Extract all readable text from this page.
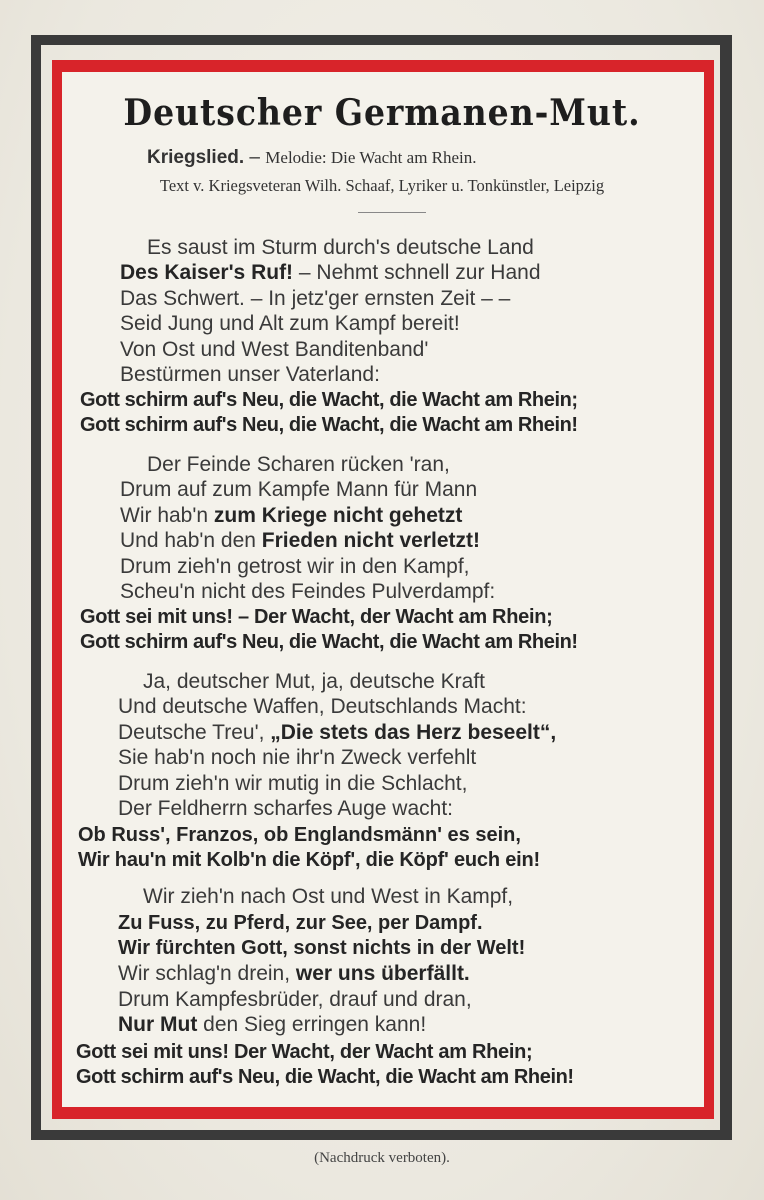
Deutscher Germanen-Mut.
Kriegslied. – Melodie: Die Wacht am Rhein.
Text v. Kriegsveteran Wilh. Schaaf, Lyriker u. Tonkünstler, Leipzig
Es saust im Sturm durch's deutsche Land
Des Kaiser's Ruf! – Nehmt schnell zur Hand
Das Schwert. – In jetz'ger ernsten Zeit – –
Seid Jung und Alt zum Kampf bereit!
Von Ost und West Banditenband'
Bestürmen unser Vaterland:
Gott schirm auf's Neu, die Wacht, die Wacht am Rhein;
Gott schirm auf's Neu, die Wacht, die Wacht am Rhein!
Der Feinde Scharen rücken 'ran,
Drum auf zum Kampfe Mann für Mann
Wir hab'n zum Kriege nicht gehetzt
Und hab'n den Frieden nicht verletzt!
Drum zieh'n getrost wir in den Kampf,
Scheu'n nicht des Feindes Pulverdampf:
Gott sei mit uns! – Der Wacht, der Wacht am Rhein;
Gott schirm auf's Neu, die Wacht, die Wacht am Rhein!
Ja, deutscher Mut, ja, deutsche Kraft
Und deutsche Waffen, Deutschlands Macht:
Deutsche Treu', „Die stets das Herz beseelt“,
Sie hab'n noch nie ihr'n Zweck verfehlt
Drum zieh'n wir mutig in die Schlacht,
Der Feldherrn scharfes Auge wacht:
Ob Russ', Franzos, ob Englandsmänn' es sein,
Wir hau'n mit Kolb'n die Köpf', die Köpf' euch ein!
Wir zieh'n nach Ost und West in Kampf,
Zu Fuss, zu Pferd, zur See, per Dampf.
Wir fürchten Gott, sonst nichts in der Welt!
Wir schlag'n drein, wer uns überfällt.
Drum Kampfesbrüder, drauf und dran,
Nur Mut den Sieg erringen kann!
Gott sei mit uns! Der Wacht, der Wacht am Rhein;
Gott schirm auf's Neu, die Wacht, die Wacht am Rhein!
(Nachdruck verboten).
